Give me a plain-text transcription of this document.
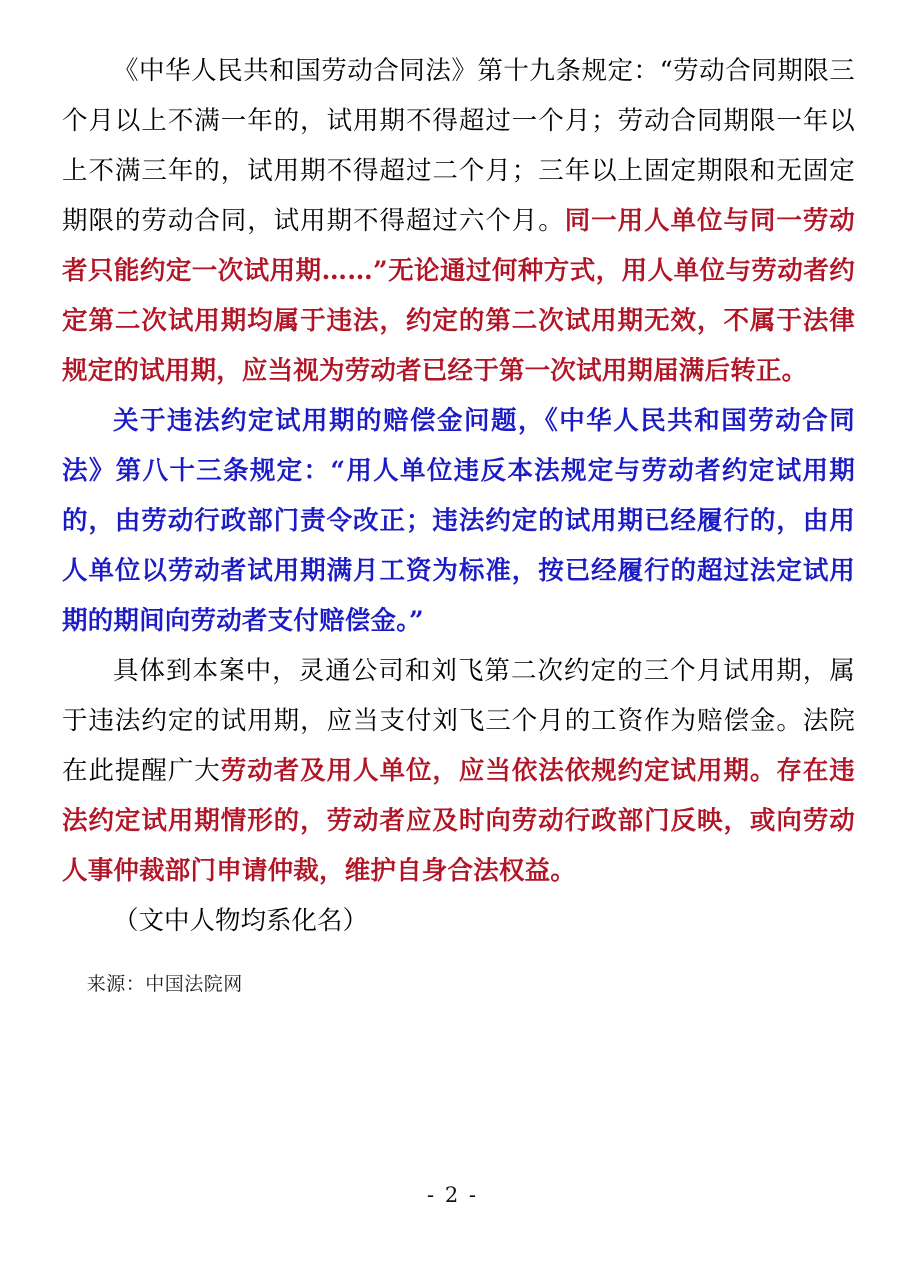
《中华人民共和国劳动合同法》第十九条规定：“劳动合同期限三个月以上不满一年的，试用期不得超过一个月；劳动合同期限一年以上不满三年的，试用期不得超过二个月；三年以上固定期限和无固定期限的劳动合同，试用期不得超过六个月。同一用人单位与同一劳动者只能约定一次试用期……”无论通过何种方式，用人单位与劳动者约定第二次试用期均属于违法，约定的第二次试用期无效，不属于法律规定的试用期，应当视为劳动者已经于第一次试用期届满后转正。

关于违法约定试用期的赔偿金问题，《中华人民共和国劳动合同法》第八十三条规定：“用人单位违反本法规定与劳动者约定试用期的，由劳动行政部门责令改正；违法约定的试用期已经履行的，由用人单位以劳动者试用期满月工资为标准，按已经履行的超过法定试用期的期间向劳动者支付赔偿金。”

具体到本案中，灵通公司和刘飞第二次约定的三个月试用期，属于违法约定的试用期，应当支付刘飞三个月的工资作为赔偿金。法院在此提醒广大劳动者及用人单位，应当依法依规约定试用期。存在违法约定试用期情形的，劳动者应及时向劳动行政部门反映，或向劳动人事仲裁部门申请仲裁，维护自身合法权益。

（文中人物均系化名）

来源：中国法院网

- 2 -
